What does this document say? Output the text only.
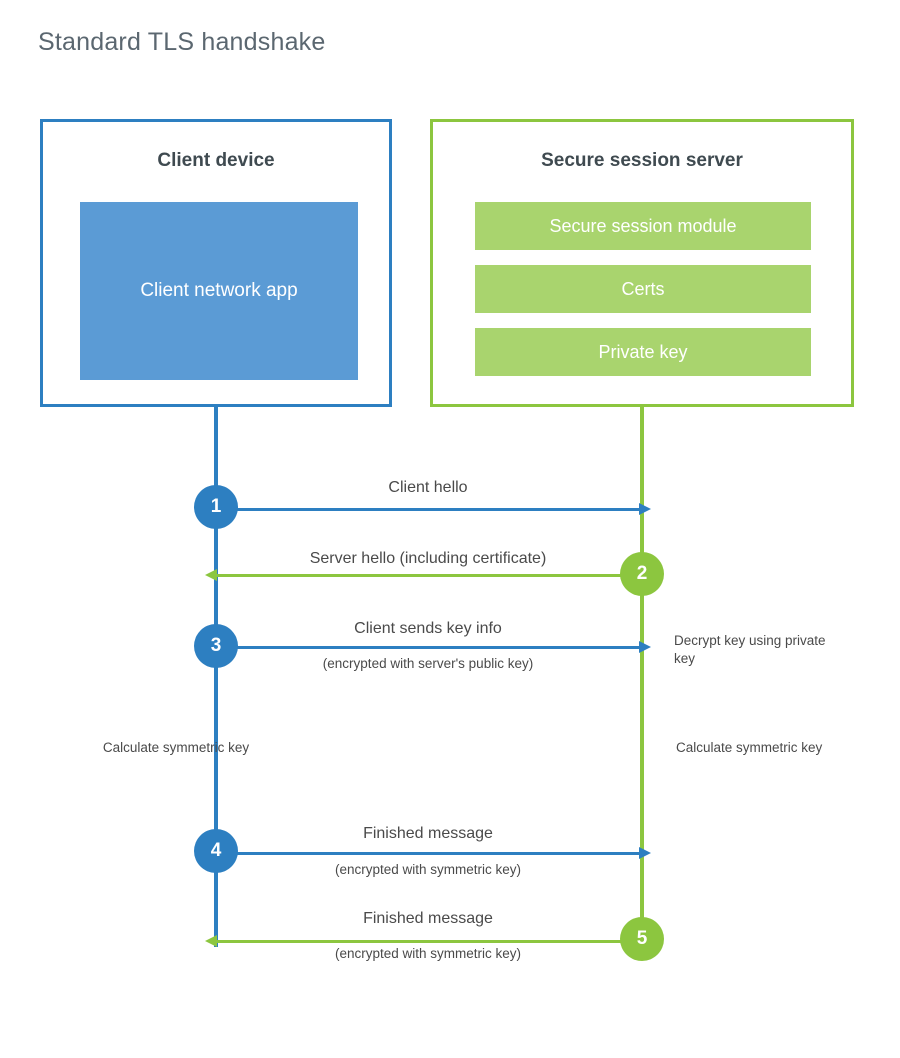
Standard TLS handshake
Client device
Client network app
Secure session server
Secure session module
Certs
Private key
Client hello
1
Server hello (including certificate)
2
Client sends key info
(encrypted with server's public key)
3	Decrypt key using private key
Calculate symmetric key	Calculate symmetric key
Finished message
(encrypted with symmetric key)
4
Finished message
(encrypted with symmetric key)
5
